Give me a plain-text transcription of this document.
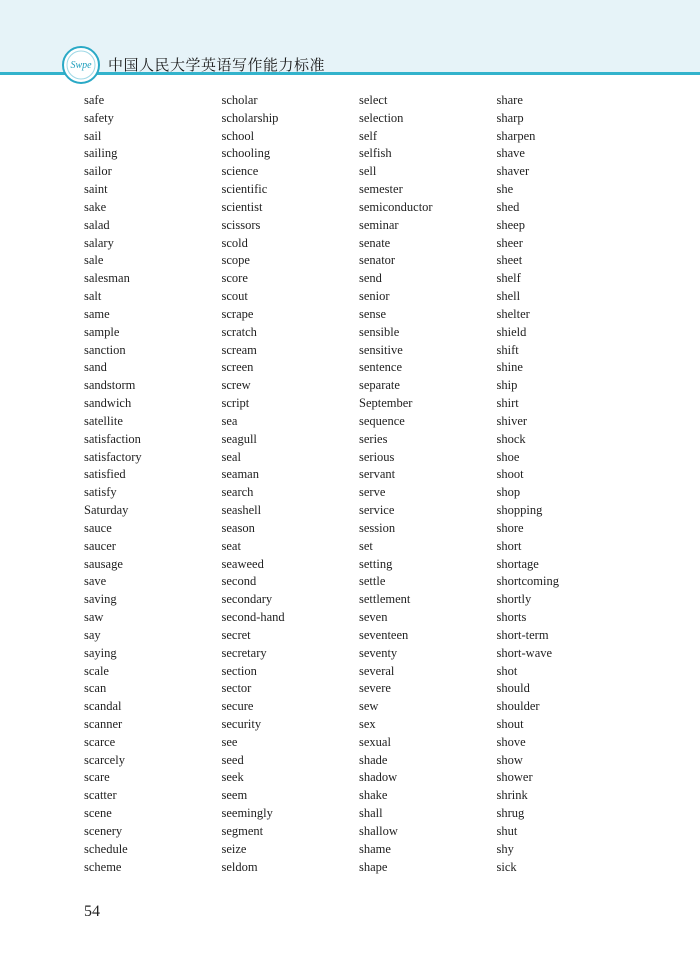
Swpe 中国人民大学英语写作能力标准
safe
safety
sail
sailing
sailor
saint
sake
salad
salary
sale
salesman
salt
same
sample
sanction
sand
sandstorm
sandwich
satellite
satisfaction
satisfactory
satisfied
satisfy
Saturday
sauce
saucer
sausage
save
saving
saw
say
saying
scale
scan
scandal
scanner
scarce
scarcely
scare
scatter
scene
scenery
schedule
scheme
scholar
scholarship
school
schooling
science
scientific
scientist
scissors
scold
scope
score
scout
scrape
scratch
scream
screen
screw
script
sea
seagull
seal
seaman
search
seashell
season
seat
seaweed
second
secondary
second-hand
secret
secretary
section
sector
secure
security
see
seed
seek
seem
seemingly
segment
seize
seldom
select
selection
self
selfish
sell
semester
semiconductor
seminar
senate
senator
send
senior
sense
sensible
sensitive
sentence
separate
September
sequence
series
serious
servant
serve
service
session
set
setting
settle
settlement
seven
seventeen
seventy
several
severe
sew
sex
sexual
shade
shadow
shake
shall
shallow
shame
shape
share
sharp
sharpen
shave
shaver
she
shed
sheep
sheer
sheet
shelf
shell
shelter
shield
shift
shine
ship
shirt
shiver
shock
shoe
shoot
shop
shopping
shore
short
shortage
shortcoming
shortly
shorts
short-term
short-wave
shot
should
shoulder
shout
shove
show
shower
shrink
shrug
shut
shy
sick
54
